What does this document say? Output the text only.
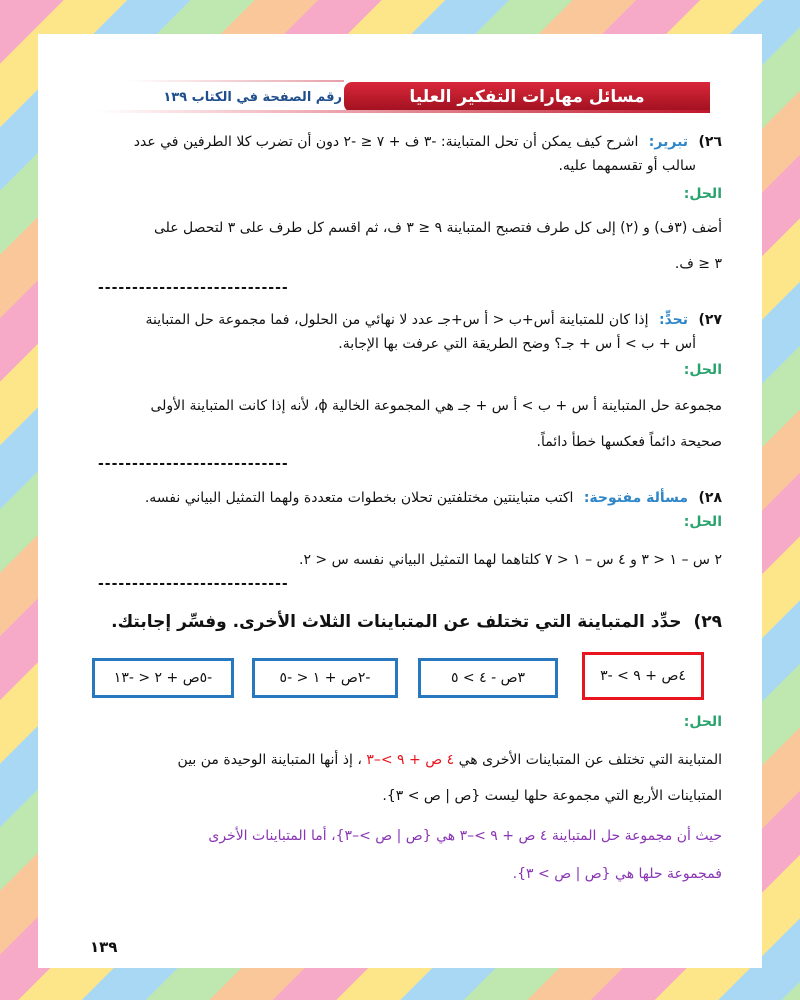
مسائل مهارات التفكير العليا
رقم الصفحة في الكتاب ١٣٩
٢٦) تبرير: اشرح كيف يمكن أن تحل المتباينة: -٣ ف + ٧ ≤ -٢ دون أن تضرب كلا الطرفين في عدد
سالب أو تقسمهما عليه.
الحل:
أضف (٣ف) و (٢) إلى كل طرف فتصبح المتباينة ٩ ≤ ٣ ف، ثم اقسم كل طرف على ٣ لتحصل على
٣ ≤ ف.
----------------------------
٢٧) تحدٍّ: إذا كان للمتباينة أس+ب < أ س+جـ عدد لا نهائي من الحلول، فما مجموعة حل المتباينة
أس + ب > أ س + جـ؟ وضح الطريقة التي عرفت بها الإجابة.
الحل:
مجموعة حل المتباينة أ س + ب > أ س + جـ هي المجموعة الخالية ϕ، لأنه إذا كانت المتباينة الأولى
صحيحة دائماً فعكسها خطأ دائماً.
----------------------------
٢٨) مسألة مفتوحة: اكتب متباينتين مختلفتين تحلان بخطوات متعددة ولهما التمثيل البياني نفسه.
الحل:
٢ س – ١ < ٣ و ٤ س – ١ < ٧ كلتاهما لهما التمثيل البياني نفسه س < ٢.
----------------------------
٢٩) حدِّد المتباينة التي تختلف عن المتباينات الثلاث الأخرى. وفسِّر إجابتك.
٤ص + ٩ > -٣
٣ص - ٤ > ٥
-٢ص + ١ < -٥
-٥ص + ٢ < -١٣
الحل:
المتباينة التي تختلف عن المتباينات الأخرى هي ٤ ص + ٩ >–٣ ، إذ أنها المتباينة الوحيدة من بين
المتباينات الأربع التي مجموعة حلها ليست {ص | ص > ٣}.
حيث أن مجموعة حل المتباينة ٤ ص + ٩ >–٣ هي {ص | ص >–٣}، أما المتباينات الأخرى
فمجموعة حلها هي {ص | ص > ٣}.
١٣٩
